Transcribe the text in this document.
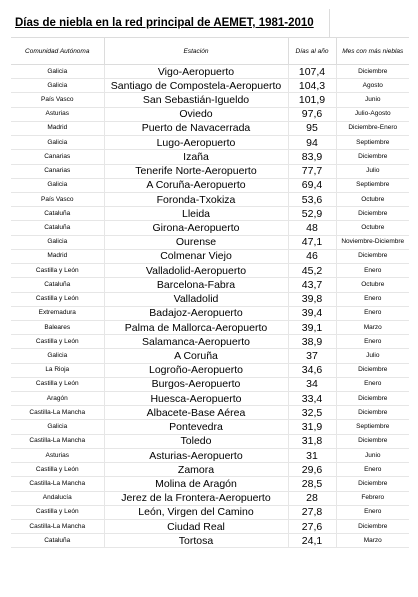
Días de niebla en la red principal de AEMET, 1981-2010
Comunidad Autónoma	Estación	Días al año	Mes con más nieblas
Galicia	Vigo-Aeropuerto	107,4	Diciembre
Galicia	Santiago de Compostela-Aeropuerto	104,3	Agosto
País Vasco	San Sebastián-Igueldo	101,9	Junio
Asturias	Oviedo	97,6	Julio-Agosto
Madrid	Puerto de Navacerrada	95	Diciembre-Enero
Galicia	Lugo-Aeropuerto	94	Septiembre
Canarias	Izaña	83,9	Diciembre
Canarias	Tenerife Norte-Aeropuerto	77,7	Julio
Galicia	A Coruña-Aeropuerto	69,4	Septiembre
País Vasco	Foronda-Txokiza	53,6	Octubre
Cataluña	Lleida	52,9	Diciembre
Cataluña	Girona-Aeropuerto	48	Octubre
Galicia	Ourense	47,1	Noviembre-Diciembre
Madrid	Colmenar Viejo	46	Diciembre
Castilla y León	Valladolid-Aeropuerto	45,2	Enero
Cataluña	Barcelona-Fabra	43,7	Octubre
Castilla y León	Valladolid	39,8	Enero
Extremadura	Badajoz-Aeropuerto	39,4	Enero
Baleares	Palma de Mallorca-Aeropuerto	39,1	Marzo
Castilla y León	Salamanca-Aeropuerto	38,9	Enero
Galicia	A Coruña	37	Julio
La Rioja	Logroño-Aeropuerto	34,6	Diciembre
Castilla y León	Burgos-Aeropuerto	34	Enero
Aragón	Huesca-Aeropuerto	33,4	Diciembre
Castilla-La Mancha	Albacete-Base Aérea	32,5	Diciembre
Galicia	Pontevedra	31,9	Septiembre
Castilla-La Mancha	Toledo	31,8	Diciembre
Asturias	Asturias-Aeropuerto	31	Junio
Castilla y León	Zamora	29,6	Enero
Castilla-La Mancha	Molina de Aragón	28,5	Diciembre
Andalucía	Jerez de la Frontera-Aeropuerto	28	Febrero
Castilla y León	León, Virgen del Camino	27,8	Enero
Castilla-La Mancha	Ciudad Real	27,6	Diciembre
Cataluña	Tortosa	24,1	Marzo
